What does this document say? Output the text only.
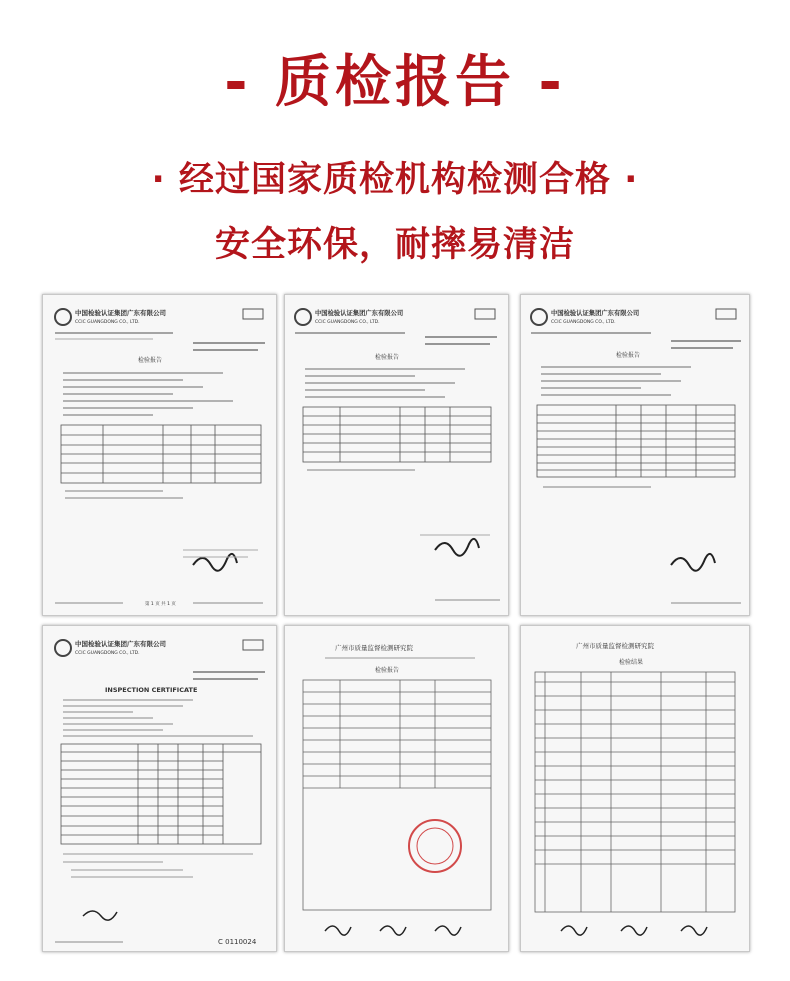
- 质检报告 -
· 经过国家质检机构检测合格 ·
安全环保，耐摔易清洁
中国检验认证集团广东有限公司
CCIC GUANGDONG CO., LTD.
检验报告
第 1 页 共 1 页
中国检验认证集团广东有限公司
CCIC GUANGDONG CO., LTD.
检验报告
中国检验认证集团广东有限公司
CCIC GUANGDONG CO., LTD.
检验报告
中国检验认证集团广东有限公司
CCIC GUANGDONG CO., LTD.
INSPECTION CERTIFICATE
C 0110024
广州市质量监督检测研究院
检验报告
广州市质量监督检测研究院
检验结果
